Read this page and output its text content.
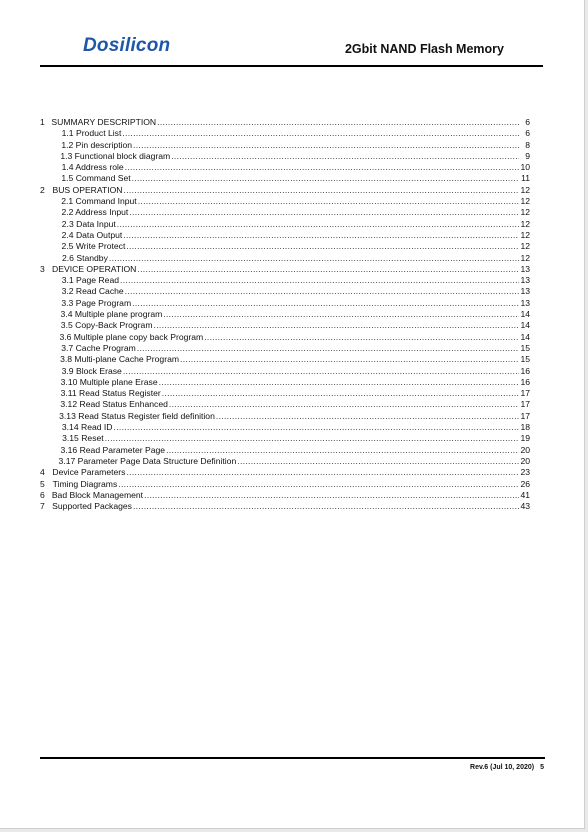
Dosilicon	2Gbit NAND Flash Memory
1 SUMMARY DESCRIPTION .....	6
1.1 Product List .....	6
1.2 Pin description .....	8
1.3 Functional block diagram .....	9
1.4 Address role .....	10
1.5 Command Set .....	11
2 BUS OPERATION .....	12
2.1 Command Input .....	12
2.2 Address Input .....	12
2.3 Data Input .....	12
2.4 Data Output .....	12
2.5 Write Protect .....	12
2.6 Standby .....	12
3 DEVICE OPERATION .....	13
3.1 Page Read .....	13
3.2 Read Cache .....	13
3.3 Page Program .....	13
3.4 Multiple plane program .....	14
3.5 Copy-Back Program .....	14
3.6 Multiple plane copy back Program .....	14
3.7 Cache Program .....	15
3.8 Multi-plane Cache Program .....	15
3.9 Block Erase .....	16
3.10 Multiple plane Erase .....	16
3.11 Read Status Register .....	17
3.12 Read Status Enhanced .....	17
3.13 Read Status Register field definition .....	17
3.14 Read ID .....	18
3.15 Reset .....	19
3.16 Read Parameter Page .....	20
3.17 Parameter Page Data Structure Definition .....	20
4 Device Parameters .....	23
5 Timing Diagrams .....	26
6 Bad Block Management .....	41
7 Supported Packages .....	43
Rev.6 (Jul 10, 2020) 5
